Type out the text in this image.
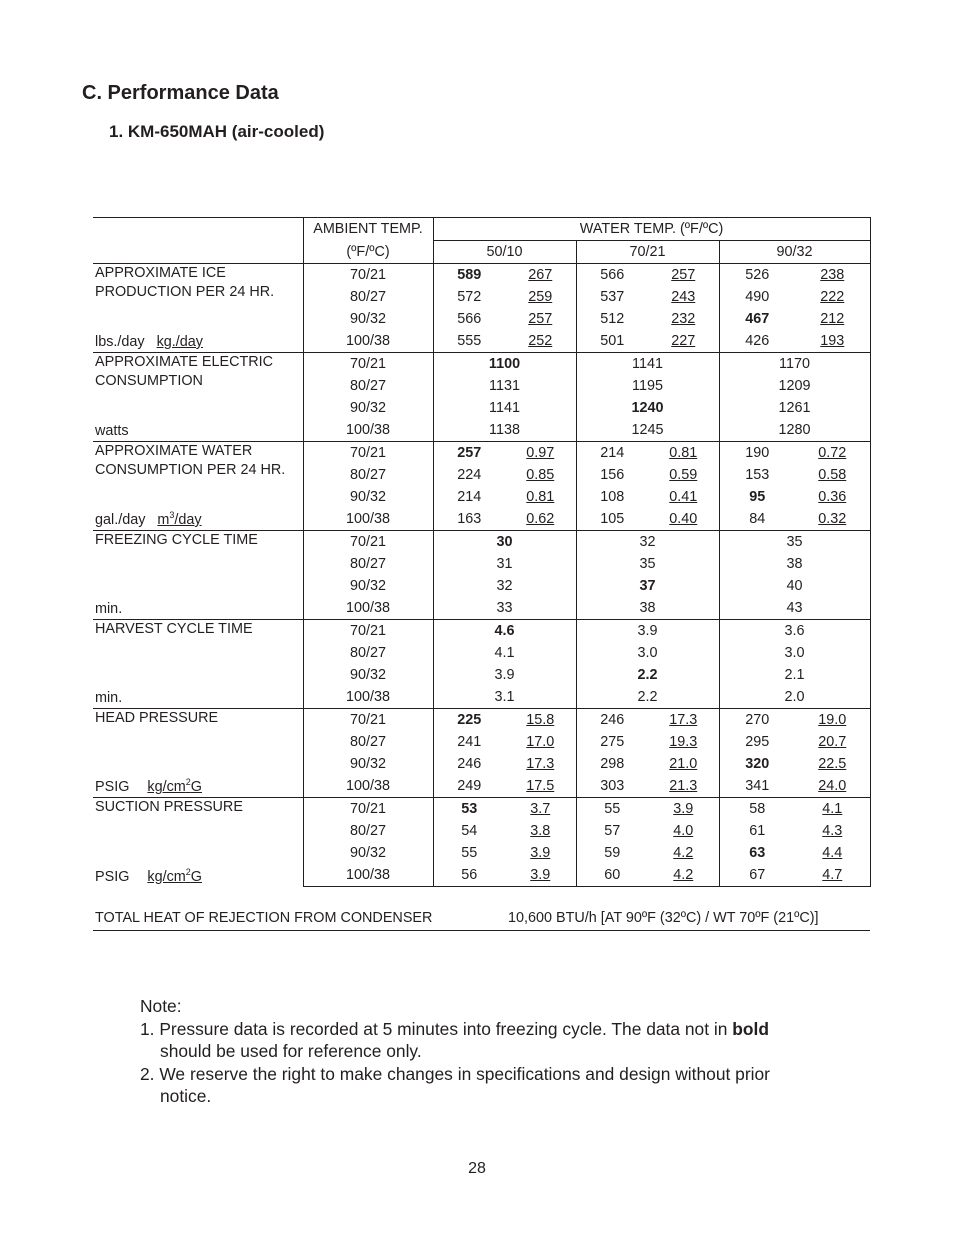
C. Performance Data
1. KM-650MAH (air-cooled)
	AMBIENT TEMP.	WATER TEMP. (ºF/ºC)					
	(ºF/ºC)	50/10		70/21		90/32	

APPROXIMATE ICE
PRODUCTION PER 24 HR.
lbs./day kg./day	70/21	589	267	566	257	526	238
	80/27	572	259	537	243	490	222
	90/32	566	257	512	232	467	212
	100/38	555	252	501	227	426	193

APPROXIMATE ELECTRIC
CONSUMPTION
watts	70/21	1100		1141		1170	
	80/27	1131		1195		1209	
	90/32	1141		1240		1261	
	100/38	1138		1245		1280	

APPROXIMATE WATER
CONSUMPTION PER 24 HR.
gal./day $m^3$/day	70/21	257	0.97	214	0.81	190	0.72
	80/27	224	0.85	156	0.59	153	0.58
	90/32	214	0.81	108	0.41	95	0.36
	100/38	163	0.62	105	0.40	84	0.32

FREEZING CYCLE TIME
min.	70/21	30		32		35	
	80/27	31		35		38	
	90/32	32		37		40	
	100/38	33		38		43	

HARVEST CYCLE TIME
min.	70/21	4.6		3.9		3.6	
	80/27	4.1		3.0		3.0	
	90/32	3.9		2.2		2.1	
	100/38	3.1		2.2		2.0	

HEAD PRESSURE
PSIG $kg/cm^2G$	70/21	225	15.8	246	17.3	270	19.0
	80/27	241	17.0	275	19.3	295	20.7
	90/32	246	17.3	298	21.0	320	22.5
	100/38	249	17.5	303	21.3	341	24.0

SUCTION PRESSURE
PSIG $kg/cm^2G$	70/21	53	3.7	55	3.9	58	4.1
	80/27	54	3.8	57	4.0	61	4.3
	90/32	55	3.9	59	4.2	63	4.4
	100/38	56	3.9	60	4.2	67	4.7
TOTAL HEAT OF REJECTION FROM CONDENSER	10,600 BTU/h [AT 90ºF (32ºC) / WT 70ºF (21ºC)]
Note:
1. Pressure data is recorded at 5 minutes into freezing cycle. The data not in bold
should be used for reference only.
2. We reserve the right to make changes in specifications and design without prior
notice.
28
